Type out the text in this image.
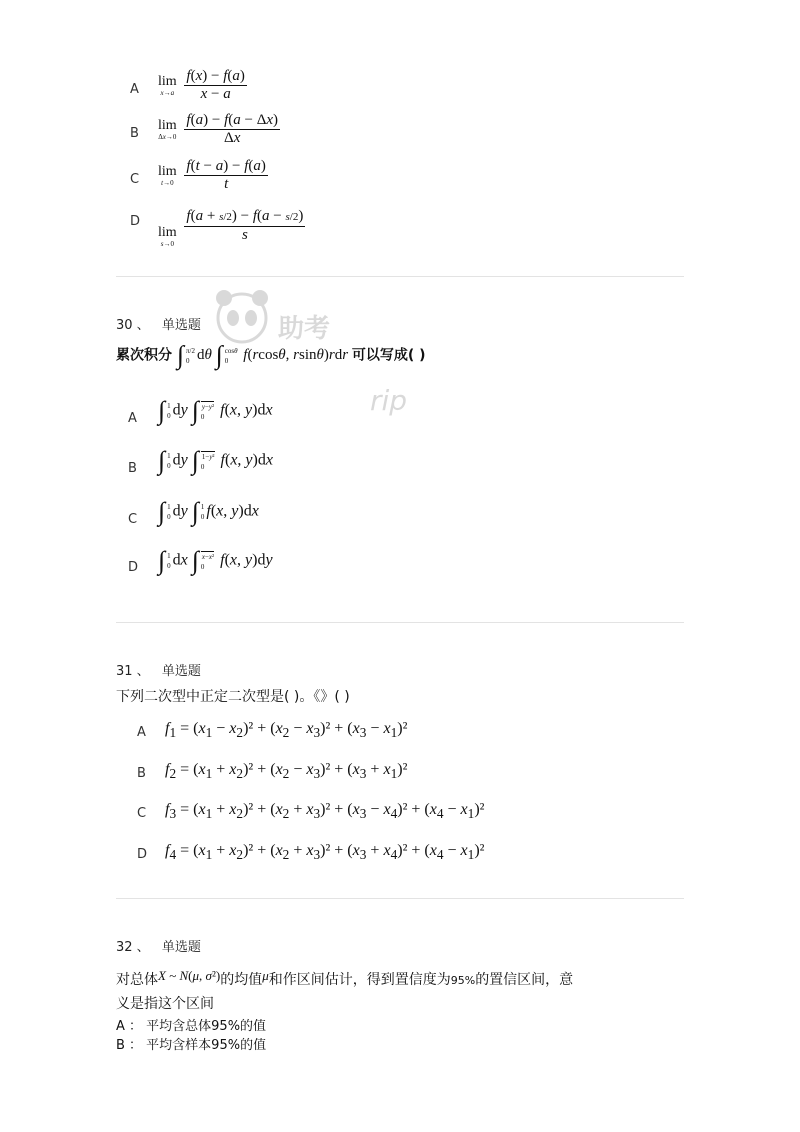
A
lim
x→a
$\frac{f(x) - f(a)}{x - a}$
B
lim
Δx→0
$\frac{f(a) - f(a - \Delta x)}{\Delta x}$
C
lim
t→0
$\frac{f(t - a) - f(a)}{t}$
D
lim
s→0
$\frac{f(a + s/2) - f(a - s/2)}{s}$
助考
rip
30 、 单选题
累次积分 ∫ π/2
0 dθ ∫ cosθ
0	f(rcosθ, rsinθ)rdr 可以写成( )
A ∫ 1
0 dy ∫ y−y²
0 f(x, y)dx
B ∫ 1
0 dy ∫ 1−y²
0	f(x, y)dx
C ∫ 1
0 dy ∫ 1
0 f(x, y)dx
D ∫ 1
0 dx ∫ x−x²
0 f(x, y)dy
31 、 单选题
下列二次型中正定二次型是( )。《》( )
A $f_1 = (x_1 - x_2)^2 + (x_2 - x_3)^2 + (x_3 - x_1)^2$
B $f_2 = (x_1 + x_2)^2 + (x_2 - x_3)^2 + (x_3 + x_1)^2$
C $f_3 = (x_1 + x_2)^2 + (x_2 + x_3)^2 + (x_3 - x_4)^2 + (x_4 - x_1)^2$
D $f_4 = (x_1 + x_2)^2 + (x_2 + x_3)^2 + (x_3 + x_4)^2 + (x_4 - x_1)^2$
32 、 单选题
对总体X ~ N(μ, σ²)的均值μ和作区间估计，得到置信度为95%的置信区间，意
义是指这个区间
A ： 平均含总体95%的值
B ： 平均含样本95%的值
